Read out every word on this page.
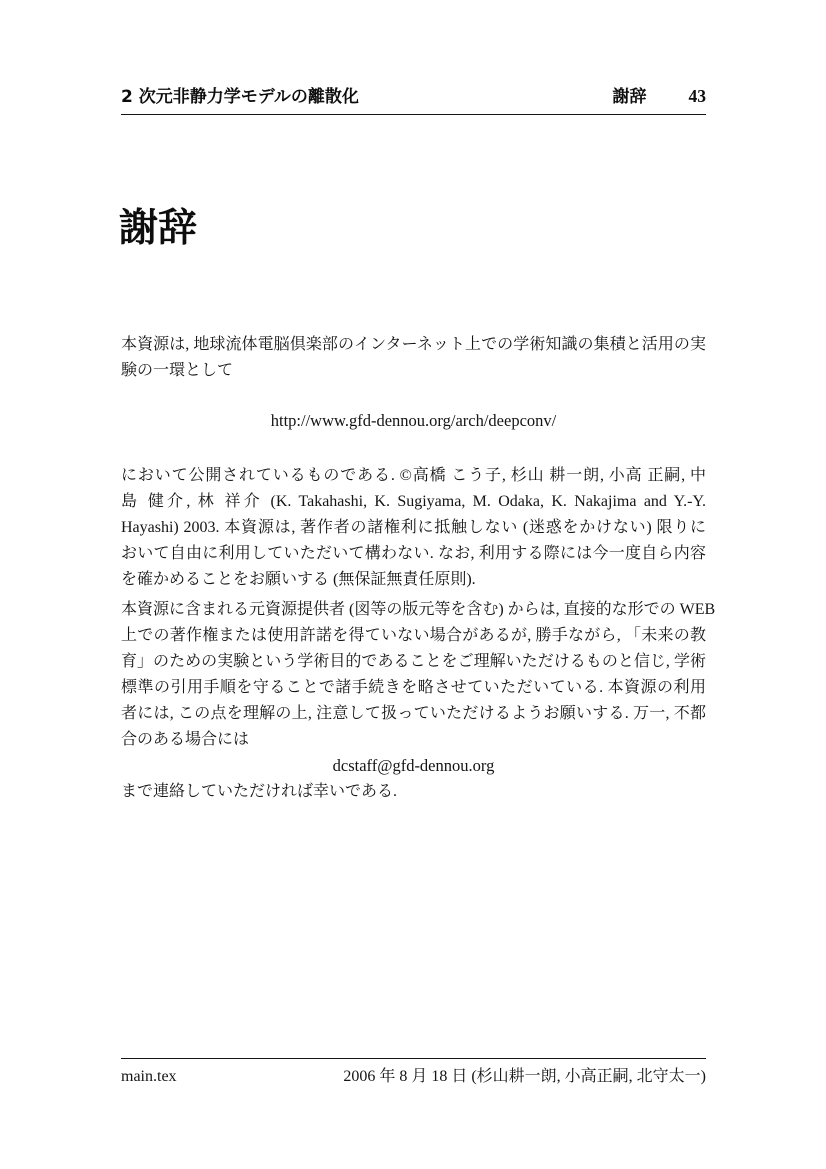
2 次元非静力学モデルの離散化	謝辞 43
謝辞
本資源は, 地球流体電脳倶楽部のインターネット上での学術知識の集積と活用の実
験の一環として
http://www.gfd-dennou.org/arch/deepconv/
において公開されているものである. ©高橋 こう子, 杉山 耕一朗, 小高 正嗣, 中
島 健介, 林 祥介 (K. Takahashi, K. Sugiyama, M. Odaka, K. Nakajima and Y.-Y.
Hayashi) 2003. 本資源は, 著作者の諸権利に抵触しない (迷惑をかけない) 限りに
おいて自由に利用していただいて構わない. なお, 利用する際には今一度自ら内容
を確かめることをお願いする (無保証無責任原則).
本資源に含まれる元資源提供者 (図等の版元等を含む) からは, 直接的な形での WEB
上での著作権または使用許諾を得ていない場合があるが, 勝手ながら, 「未来の教
育」のための実験という学術目的であることをご理解いただけるものと信じ, 学術
標準の引用手順を守ることで諸手続きを略させていただいている. 本資源の利用
者には, この点を理解の上, 注意して扱っていただけるようお願いする. 万一, 不都
合のある場合には
dcstaff@gfd-dennou.org
まで連絡していただければ幸いである.
main.tex	2006 年 8 月 18 日 (杉山耕一朗, 小高正嗣, 北守太一)
